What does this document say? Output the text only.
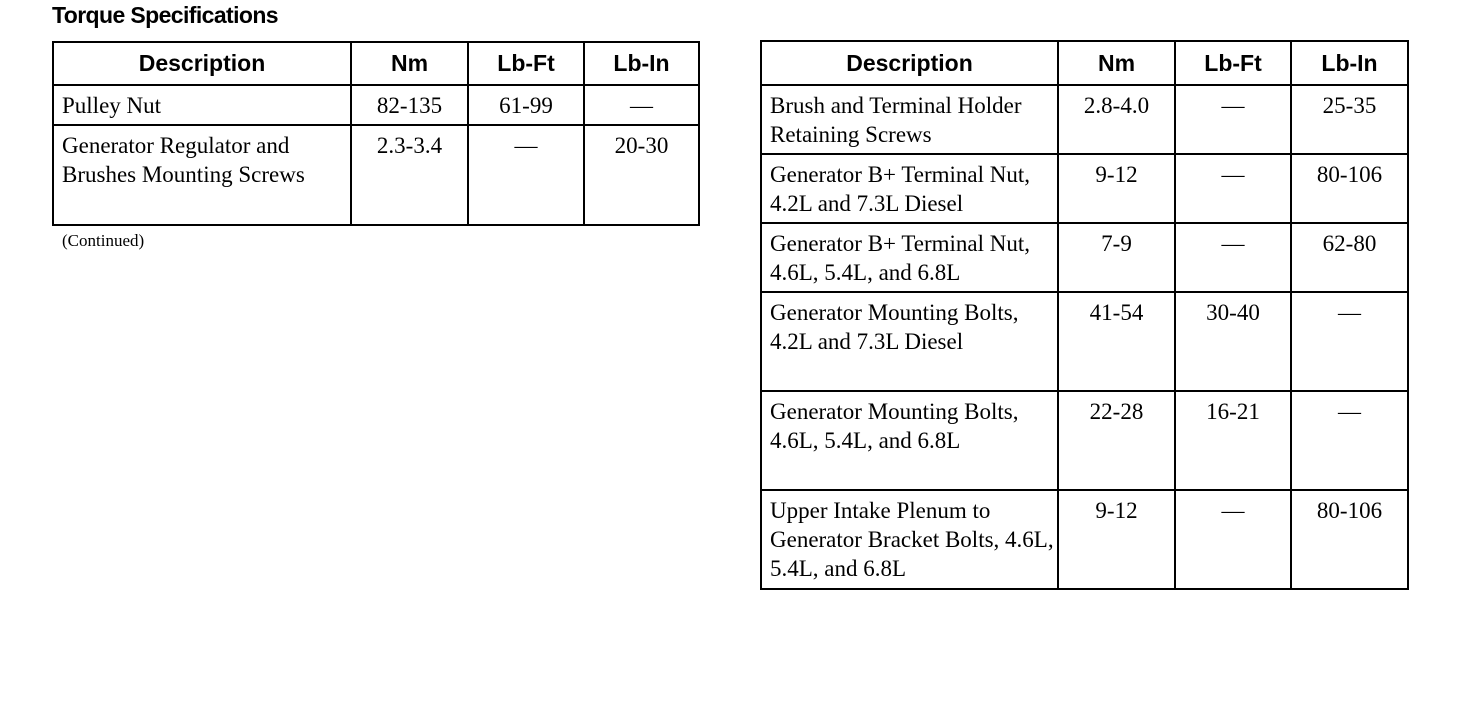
Torque Specifications
Description	Nm	Lb-Ft	Lb-In
Pulley Nut	82-135	61-99	—
Generator Regulator and Brushes Mounting Screws	2.3-3.4	—	20-30
(Continued)
Description	Nm	Lb-Ft	Lb-In
Brush and Terminal Holder Retaining Screws	2.8-4.0	—	25-35
Generator B+ Terminal Nut, 4.2L and 7.3L Diesel	9-12	—	80-106
Generator B+ Terminal Nut, 4.6L, 5.4L, and 6.8L	7-9	—	62-80
Generator Mounting Bolts, 4.2L and 7.3L Diesel	41-54	30-40	—
Generator Mounting Bolts, 4.6L, 5.4L, and 6.8L	22-28	16-21	—
Upper Intake Plenum to Generator Bracket Bolts, 4.6L, 5.4L, and 6.8L	9-12	—	80-106
